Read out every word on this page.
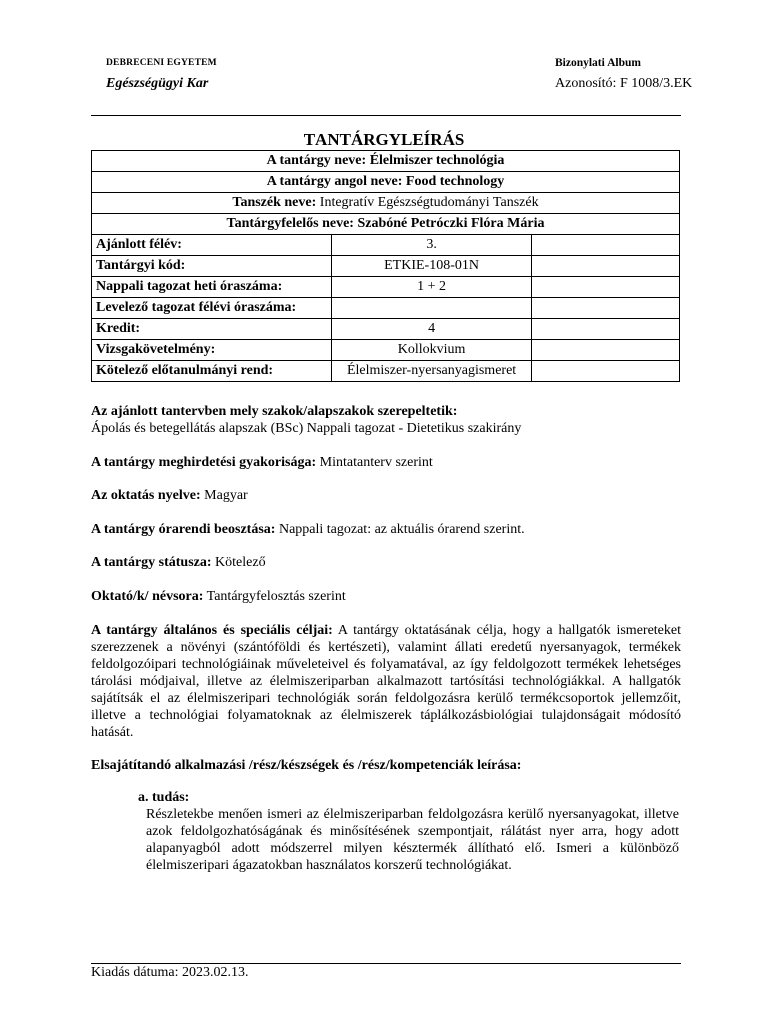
DEBRECENI EGYETEM
Egészségügyi Kar
Bizonylati Album
Azonosító: F 1008/3.EK
TANTÁRGYLEÍRÁS
A tantárgy neve: Élelmiszer technológia		
A tantárgy angol neve: Food technology		
Tanszék neve: Integratív Egészségtudományi Tanszék		
Tantárgyfelelős neve: Szabóné Petróczki Flóra Mária		
Ajánlott félév:	3.	
Tantárgyi kód:	ETKIE-108-01N	
Nappali tagozat heti óraszáma:	1 + 2	
Levelező tagozat félévi óraszáma:		
Kredit:	4	
Vizsgakövetelmény:	Kollokvium	
Kötelező előtanulmányi rend:	Élelmiszer-nyersanyagismeret	
Az ajánlott tantervben mely szakok/alapszakok szerepeltetik:
Ápolás és betegellátás alapszak (BSc) Nappali tagozat - Dietetikus szakirány
A tantárgy meghirdetési gyakorisága: Mintatanterv szerint
Az oktatás nyelve: Magyar
A tantárgy órarendi beosztása: Nappali tagozat: az aktuális órarend szerint.
A tantárgy státusza: Kötelező
Oktató/k/ névsora: Tantárgyfelosztás szerint
A tantárgy általános és speciális céljai: A tantárgy oktatásának célja, hogy a hallgatók ismereteket szerezzenek a növényi (szántóföldi és kertészeti), valamint állati eredetű nyersanyagok, termékek feldolgozóipari technológiáinak műveleteivel és folyamatával, az így feldolgozott termékek lehetséges tárolási módjaival, illetve az élelmiszeriparban alkalmazott tartósítási technológiákkal. A hallgatók sajátítsák el az élelmiszeripari technológiák során feldolgozásra kerülő termékcsoportok jellemzőit, illetve a technológiai folyamatoknak az élelmiszerek táplálkozásbiológiai tulajdonságait módosító hatását.
Elsajátítandó alkalmazási /rész/készségek és /rész/kompetenciák leírása:
a. tudás:
Részletekbe menően ismeri az élelmiszeriparban feldolgozásra kerülő nyersanyagokat, illetve azok feldolgozhatóságának és minősítésének szempontjait, rálátást nyer arra, hogy adott alapanyagból adott módszerrel milyen késztermék állítható elő. Ismeri a különböző élelmiszeripari ágazatokban használatos korszerű technológiákat.
Kiadás dátuma: 2023.02.13.
